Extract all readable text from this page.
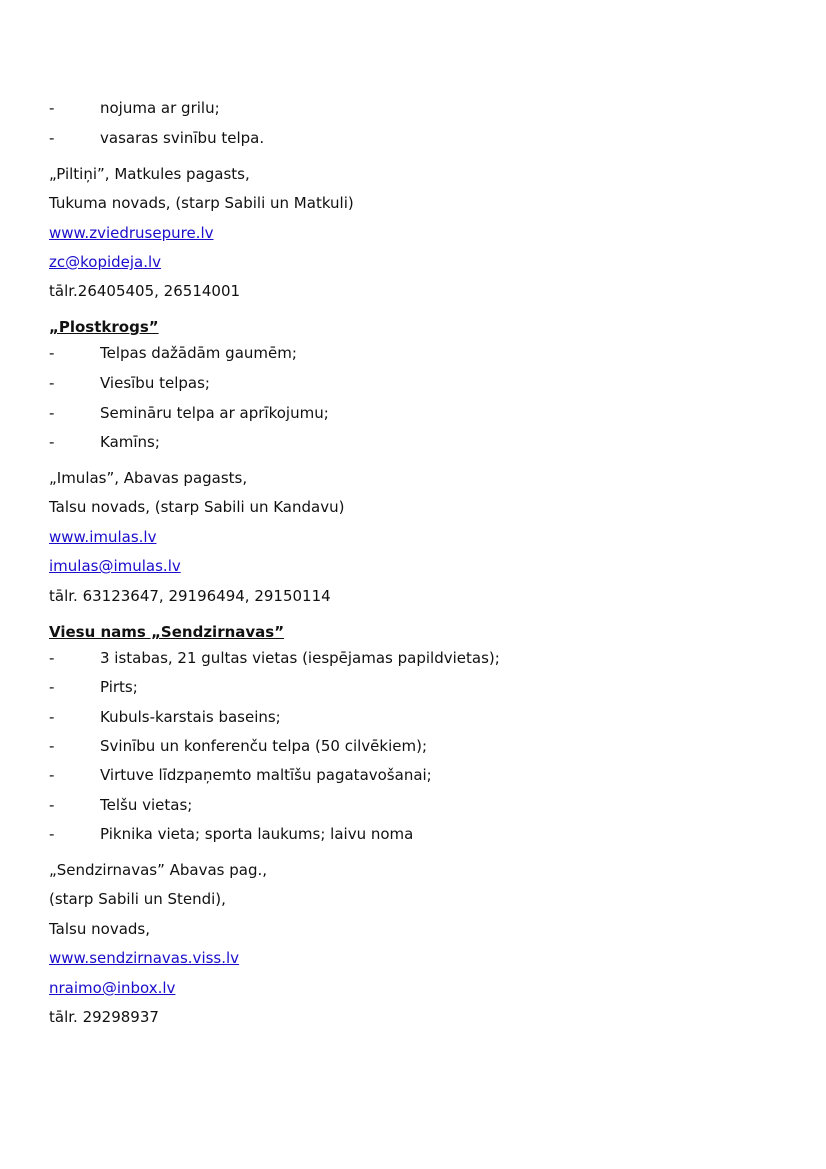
-	nojuma ar grilu;
-	vasaras svinību telpa.
„Piltiņi”, Matkules pagasts,
Tukuma novads, (starp Sabili un Matkuli)
www.zviedrusepure.lv
zc@kopideja.lv
tālr.26405405, 26514001
„Plostkrogs”
-	Telpas dažādām gaumēm;
-	Viesību telpas;
-	Semināru telpa ar aprīkojumu;
-	Kamīns;
„Imulas”, Abavas pagasts,
Talsu novads, (starp Sabili un Kandavu)
www.imulas.lv
imulas@imulas.lv
tālr. 63123647, 29196494, 29150114
Viesu nams „Sendzirnavas”
-	3 istabas, 21 gultas vietas (iespējamas papildvietas);
-	Pirts;
-	Kubuls-karstais baseins;
-	Svinību un konferenču telpa (50 cilvēkiem);
-	Virtuve līdzpaņemto maltīšu pagatavošanai;
-	Telšu vietas;
-	Piknika vieta; sporta laukums; laivu noma
„Sendzirnavas” Abavas pag.,
(starp Sabili un Stendi),
Talsu novads,
www.sendzirnavas.viss.lv
nraimo@inbox.lv
tālr. 29298937
